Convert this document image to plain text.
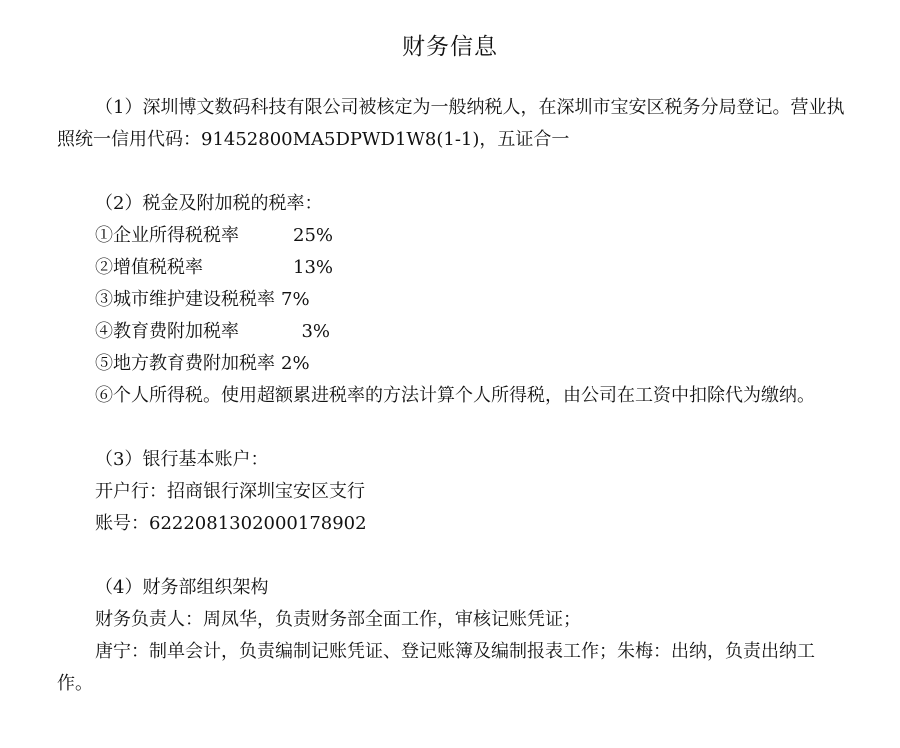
财务信息

（1）深圳博文数码科技有限公司被核定为一般纳税人，在深圳市宝安区税务分局登记。营业执照统一信用代码：91452800MA5DPWD1W8(1-1)，五证合一

（2）税金及附加税的税率：

①企业所得税税率	25%

②增值税税率	13%

③城市维护建设税税率 7%

④教育费附加税率	3%

⑤地方教育费附加税率 2%

⑥个人所得税。使用超额累进税率的方法计算个人所得税，由公司在工资中扣除代为缴纳。

（3）银行基本账户：

开户行：招商银行深圳宝安区支行

账号：6222081302000178902

（4）财务部组织架构

财务负责人：周凤华，负责财务部全面工作，审核记账凭证；

唐宁：制单会计，负责编制记账凭证、登记账簿及编制报表工作；朱梅：出纳，负责出纳工作。
